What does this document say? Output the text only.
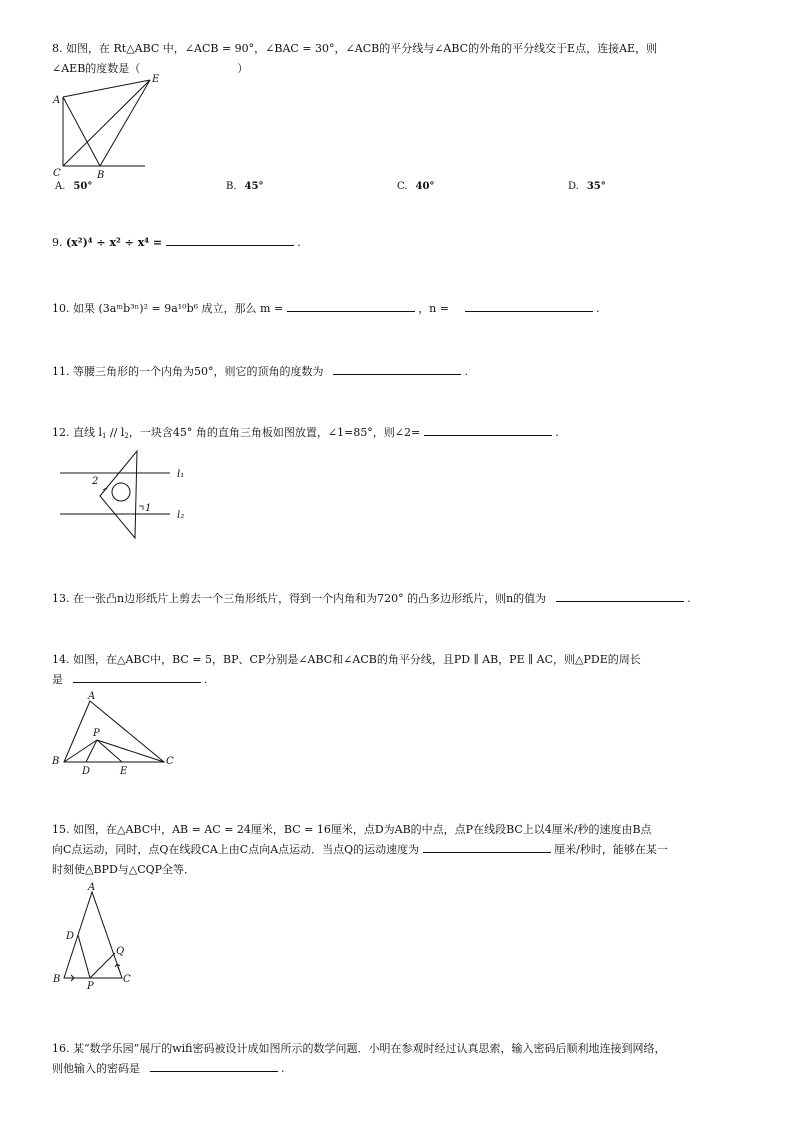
8. 如图，在 Rt△ABC 中，∠ACB = 90°，∠BAC = 30°，∠ACB的平分线与∠ABC的外角的平分线交于E点，连接AE，则
∠AEB的度数是（	）
A
E
C	B
A. 50°	B. 45°	C. 40°	D. 35°
9. (x²)⁴ ÷ x² ÷ x⁴ =	.
10. 如果 (3aᵐb³ⁿ)² = 9a¹⁰b⁶ 成立，那么 m =	，n =	.
11. 等腰三角形的一个内角为50°，则它的顶角的度数为	.
12. 直线 $l_1 // l_2$，一块含45° 角的直角三角板如图放置，∠1=85°，则∠2=	.
2
1
l₁
l₂
13. 在一张凸n边形纸片上剪去一个三角形纸片，得到一个内角和为720° 的凸多边形纸片，则n的值为	.
14. 如图，在△ABC中，BC = 5，BP、CP分别是∠ABC和∠ACB的角平分线，且PD ∥ AB，PE ∥ AC，则△PDE的周长
是	.
A
B	C
P
D	E
15. 如图，在△ABC中，AB = AC = 24厘米，BC = 16厘米，点D为AB的中点，点P在线段BC上以4厘米/秒的速度由B点
向C点运动，同时，点Q在线段CA上由C点向A点运动．当点Q的运动速度为	厘米/秒时，能够在某一
时刻使△BPD与△CQP全等．
A
D
Q
B	C
P
16. 某“数学乐园”展厅的wifi密码被设计成如图所示的数学问题．小明在参观时经过认真思索，输入密码后顺利地连接到网络，
则他输入的密码是	.
